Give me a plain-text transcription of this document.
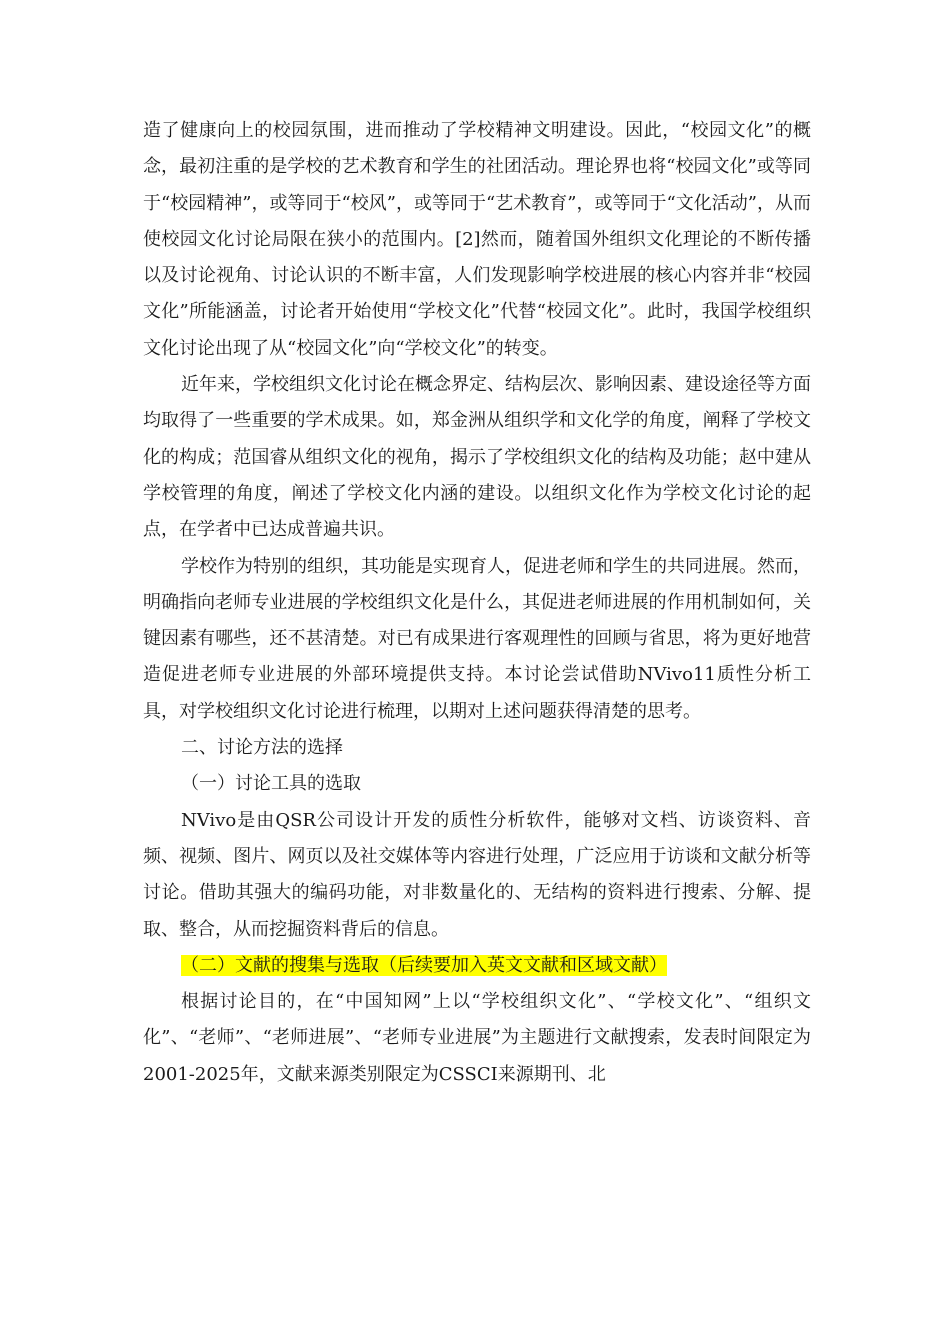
造了健康向上的校园氛围，进而推动了学校精神文明建设。因此，“校园文化”的概念，最初注重的是学校的艺术教育和学生的社团活动。理论界也将“校园文化”或等同于“校园精神”，或等同于“校风”，或等同于“艺术教育”，或等同于“文化活动”，从而使校园文化讨论局限在狭小的范围内。[2]然而，随着国外组织文化理论的不断传播以及讨论视角、讨论认识的不断丰富，人们发现影响学校进展的核心内容并非“校园文化”所能涵盖，讨论者开始使用“学校文化”代替“校园文化”。此时，我国学校组织文化讨论出现了从“校园文化”向“学校文化”的转变。

近年来，学校组织文化讨论在概念界定、结构层次、影响因素、建设途径等方面均取得了一些重要的学术成果。如，郑金洲从组织学和文化学的角度，阐释了学校文化的构成；范国睿从组织文化的视角，揭示了学校组织文化的结构及功能；赵中建从学校管理的角度，阐述了学校文化内涵的建设。以组织文化作为学校文化讨论的起点，在学者中已达成普遍共识。

学校作为特别的组织，其功能是实现育人，促进老师和学生的共同进展。然而，明确指向老师专业进展的学校组织文化是什么，其促进老师进展的作用机制如何，关键因素有哪些，还不甚清楚。对已有成果进行客观理性的回顾与省思，将为更好地营造促进老师专业进展的外部环境提供支持。本讨论尝试借助NVivo11质性分析工具，对学校组织文化讨论进行梳理，以期对上述问题获得清楚的思考。

二、讨论方法的选择

（一）讨论工具的选取

NVivo是由QSR公司设计开发的质性分析软件，能够对文档、访谈资料、音频、视频、图片、网页以及社交媒体等内容进行处理，广泛应用于访谈和文献分析等讨论。借助其强大的编码功能，对非数量化的、无结构的资料进行搜索、分解、提取、整合，从而挖掘资料背后的信息。

（二）文献的搜集与选取（后续要加入英文文献和区域文献）

根据讨论目的，在“中国知网”上以“学校组织文化”、“学校文化”、“组织文化”、“老师”、“老师进展”、“老师专业进展”为主题进行文献搜索，发表时间限定为2001-2025年，文献来源类别限定为CSSCI来源期刊、北
